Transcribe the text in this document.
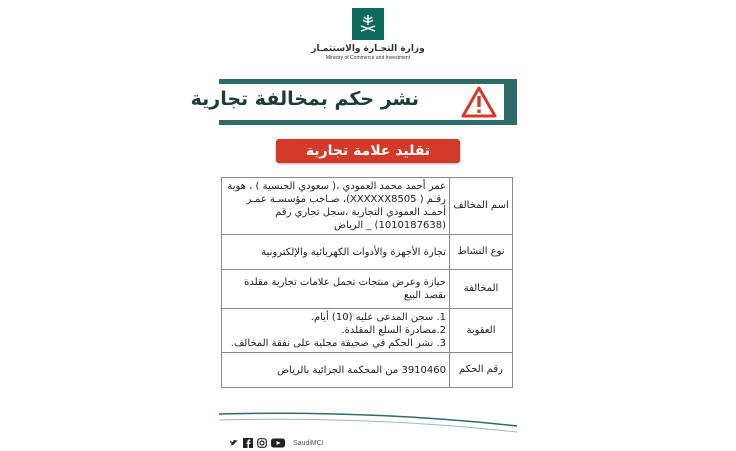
وزارة التجـارة والاستثمـار
Ministry of Commerce and Investment
نشر حكم بمخالفة تجارية
تقليد علامة تجارية
اسم المخالف	عمر أحمد محمد العمودي ،( سعودي الجنسية ) ، هوية رقـم ( XXXXXX8505)، صـاحب مؤسسـة عمـر أحمـد العمودي التجارية ،سجل تجاري رقم (1010187638) _ الرياض
نوع النشاط	تجارة الأجهزة والأدوات الكهربائية والإلكترونية
المخالفة	حيازة وعرض منتجات تحمل علامات تجارية مقلدة بقصد البيع
العقوبة	1. سجن المدعى عليه (10) أيام.
2.مصادرة السلع المقلدة.
3. نشر الحكم في صحيفة محلية على نفقة المخالف.

رقم الحكم	3910460 من المحكمة الجزائية بالرياض
SaudiMCI
